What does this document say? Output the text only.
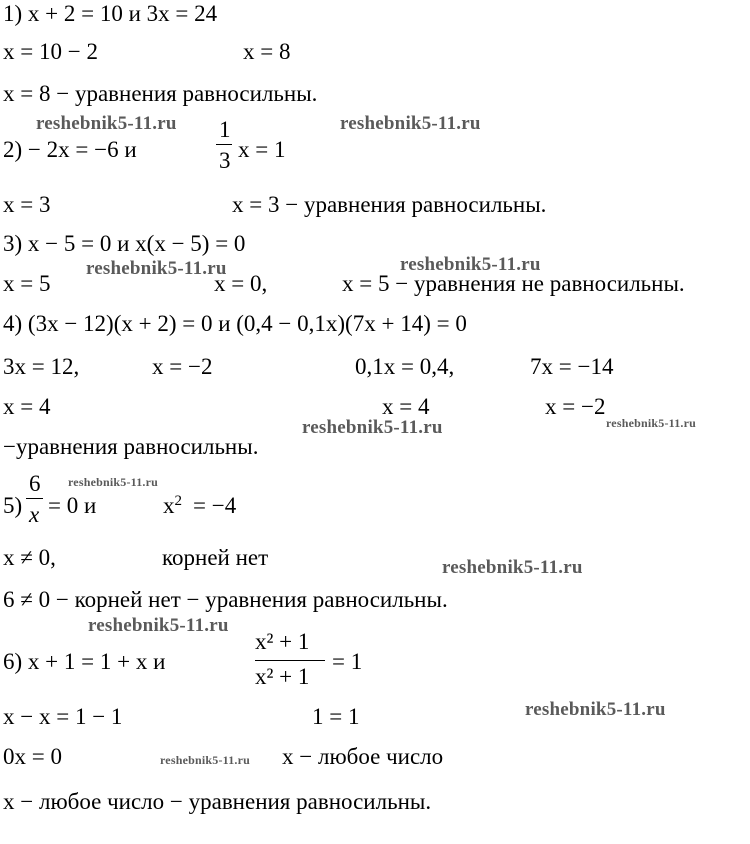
1) x + 2 = 10 и 3x = 24
x = 10 − 2	x = 8
x = 8 − уравнения равносильны.
reshebnik5-11.ru	reshebnik5-11.ru
2) − 2x = −6 и
1
3 x = 1
x = 3	x = 3 − уравнения равносильны.
3) x − 5 = 0 и x(x − 5) = 0
reshebnik5-11.ru	reshebnik5-11.ru
x = 5	x = 0,	x = 5 − уравнения не равносильны.
4) (3x − 12)(x + 2) = 0 и (0,4 − 0,1x)(7x + 14) = 0
3x = 12,	x = −2	0,1x = 0,4,	7x = −14
x = 4	x = 4	x = −2
reshebnik5-11.ru
reshebnik5-11.ru
−уравнения равносильны.
reshebnik5-11.ru
5)
6
x = 0 и	$x^2 = -4$
x ≠ 0,	корней нет	reshebnik5-11.ru
6 ≠ 0 − корней нет − уравнения равносильны.
reshebnik5-11.ru
6) x + 1 = 1 + x и
x² + 1
x² + 1
= 1
reshebnik5-11.ru
x − x = 1 − 1	1 = 1
0x = 0	reshebnik5-11.ru x − любое число
x − любое число − уравнения равносильны.
